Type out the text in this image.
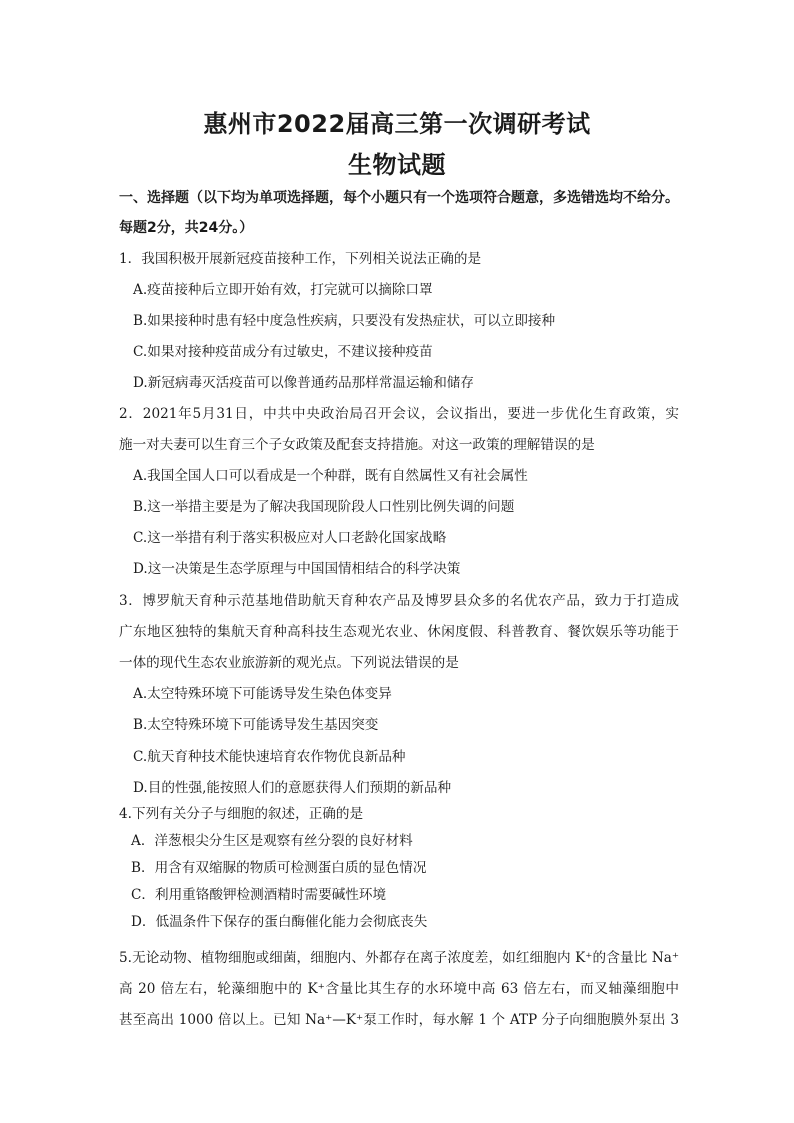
惠州市2022届高三第一次调研考试
生物试题
一、选择题（以下均为单项选择题，每个小题只有一个选项符合题意，多选错选均不给分。
每题2分，共24分。）
1．我国积极开展新冠疫苗接种工作，下列相关说法正确的是
A.疫苗接种后立即开始有效，打完就可以摘除口罩
B.如果接种时患有轻中度急性疾病，只要没有发热症状，可以立即接种
C.如果对接种疫苗成分有过敏史，不建议接种疫苗
D.新冠病毒灭活疫苗可以像普通药品那样常温运输和储存
2．2021年5月31日，中共中央政治局召开会议，会议指出，要进一步优化生育政策，实
施一对夫妻可以生育三个子女政策及配套支持措施。对这一政策的理解错误的是
A.我国全国人口可以看成是一个种群，既有自然属性又有社会属性
B.这一举措主要是为了解决我国现阶段人口性别比例失调的问题
C.这一举措有利于落实积极应对人口老龄化国家战略
D.这一决策是生态学原理与中国国情相结合的科学决策
3．博罗航天育种示范基地借助航天育种农产品及博罗县众多的名优农产品，致力于打造成
广东地区独特的集航天育种高科技生态观光农业、休闲度假、科普教育、餐饮娱乐等功能于
一体的现代生态农业旅游新的观光点。下列说法错误的是
A.太空特殊环境下可能诱导发生染色体变异
B.太空特殊环境下可能诱导发生基因突变
C.航天育种技术能快速培育农作物优良新品种
D.目的性强,能按照人们的意愿获得人们预期的新品种
4.下列有关分子与细胞的叙述，正确的是
A．洋葱根尖分生区是观察有丝分裂的良好材料
B．用含有双缩脲的物质可检测蛋白质的显色情况
C．利用重铬酸钾检测酒精时需要碱性环境
D．低温条件下保存的蛋白酶催化能力会彻底丧失
5.无论动物、植物细胞或细菌，细胞内、外都存在离子浓度差，如红细胞内 K⁺的含量比 Na⁺
高 20 倍左右，轮藻细胞中的 K⁺含量比其生存的水环境中高 63 倍左右，而叉轴藻细胞中
甚至高出 1000 倍以上。已知 Na⁺—K⁺泵工作时，每水解 1 个 ATP 分子向细胞膜外泵出 3
